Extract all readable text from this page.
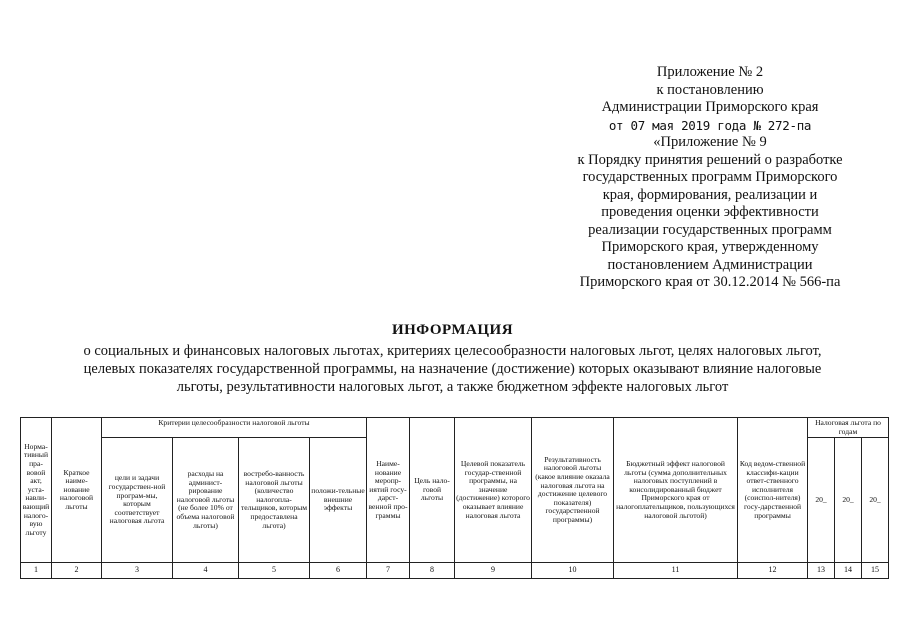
Приложение № 2
к постановлению
Администрации Приморского края
от 07 мая 2019 года № 272-па
«Приложение № 9
к Порядку принятия решений о разработке
государственных программ Приморского
края, формирования, реализации и
проведения оценки эффективности
реализации государственных программ
Приморского края, утвержденному
постановлением Администрации
Приморского края от 30.12.2014 № 566-па
ИНФОРМАЦИЯ
о социальных и финансовых налоговых льготах, критериях целесообразности налоговых льгот, целях налоговых льгот,
целевых показателях государственной программы, на назначение (достижение) которых оказывают влияние налоговые
льготы, результативности налоговых льгот, а также бюджетном эффекте налоговых льгот
Норма-тивный пра-вовой акт, уста-навли-вающий налого-вую льготу	Краткое наиме-нование налоговой льготы	Критерии целесообразности налоговой льготы				Наиме-нование меропр-иятий госу-дарст-венной про-граммы	Цель нало-говой льготы	Целевой показатель государ-ственной программы, на значение (достижение) которого оказывает влияние налоговая льгота	Результативность налоговой льготы (какое влияние оказала налоговая льгота на достижение целевого показателя) государственной программы)	Бюджетный эффект налоговой льготы (сумма дополнительных налоговых поступлений в консолидированный бюджет Приморского края от налогоплательщиков, пользующихся налоговой льготой)	Код ведом-ственной классифи-кации ответ-ственного исполнителя (соиспол-нителя) госу-дарственной программы	Налоговая льгота по годам		
		цели и задачи государствен-ной програм-мы, которым соответствует налоговая льгота	расходы на админист-рирование налоговой льготы (не более 10% от объема налоговой льготы)	востребо-ванность налоговой льготы (количество налогопла-тельщиков, которым предоставлена льгота)	положи-тельные внешние эффекты							20_	20_	20_
1	2	3	4	5	6	7	8	9	10	11	12	13	14	15
